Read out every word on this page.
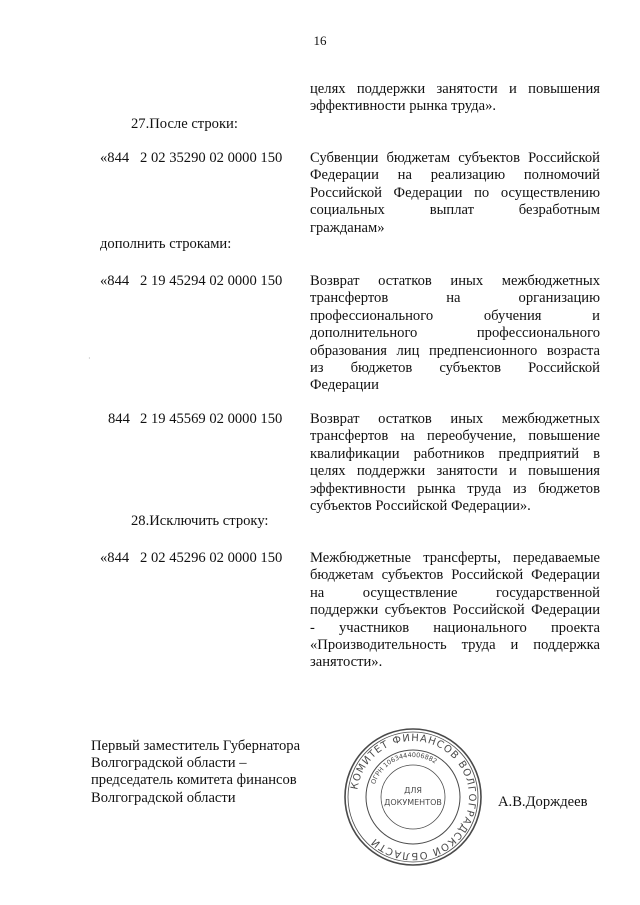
16
целях поддержки занятости и повышения
эффективности рынка труда».
27.После строки:
«844 2 02 35290 02 0000 150	Субвенции бюджетам субъектов Российской
Федерации на реализацию полномочий
Российской Федерации по осуществлению
социальных выплат безработным
гражданам»
дополнить строками:
«844 2 19 45294 02 0000 150	Возврат остатков иных межбюджетных
трансфертов на организацию
профессионального обучения и
дополнительного профессионального
образования лиц предпенсионного возраста
из бюджетов субъектов Российской
Федерации
·
844 2 19 45569 02 0000 150	Возврат остатков иных межбюджетных
трансфертов на переобучение, повышение
квалификации работников предприятий в
целях поддержки занятости и повышения
эффективности рынка труда из бюджетов
субъектов Российской Федерации».
28.Исключить строку:
«844 2 02 45296 02 0000 150	Межбюджетные трансферты, передаваемые
бюджетам субъектов Российской Федерации
на осуществление государственной
поддержки субъектов Российской Федерации
- участников национального проекта
«Производительность труда и поддержка
занятости».
Первый заместитель Губернатора
Волгоградской области –
председатель комитета финансов
Волгоградской области
КОМИТЕТ ФИНАНСОВ ВОЛГОГРАДСКОЙ ОБЛАСТИ
ОГРН 1063444006882
ДЛЯ
ДОКУМЕНТОВ	А.В.Дорждеев
